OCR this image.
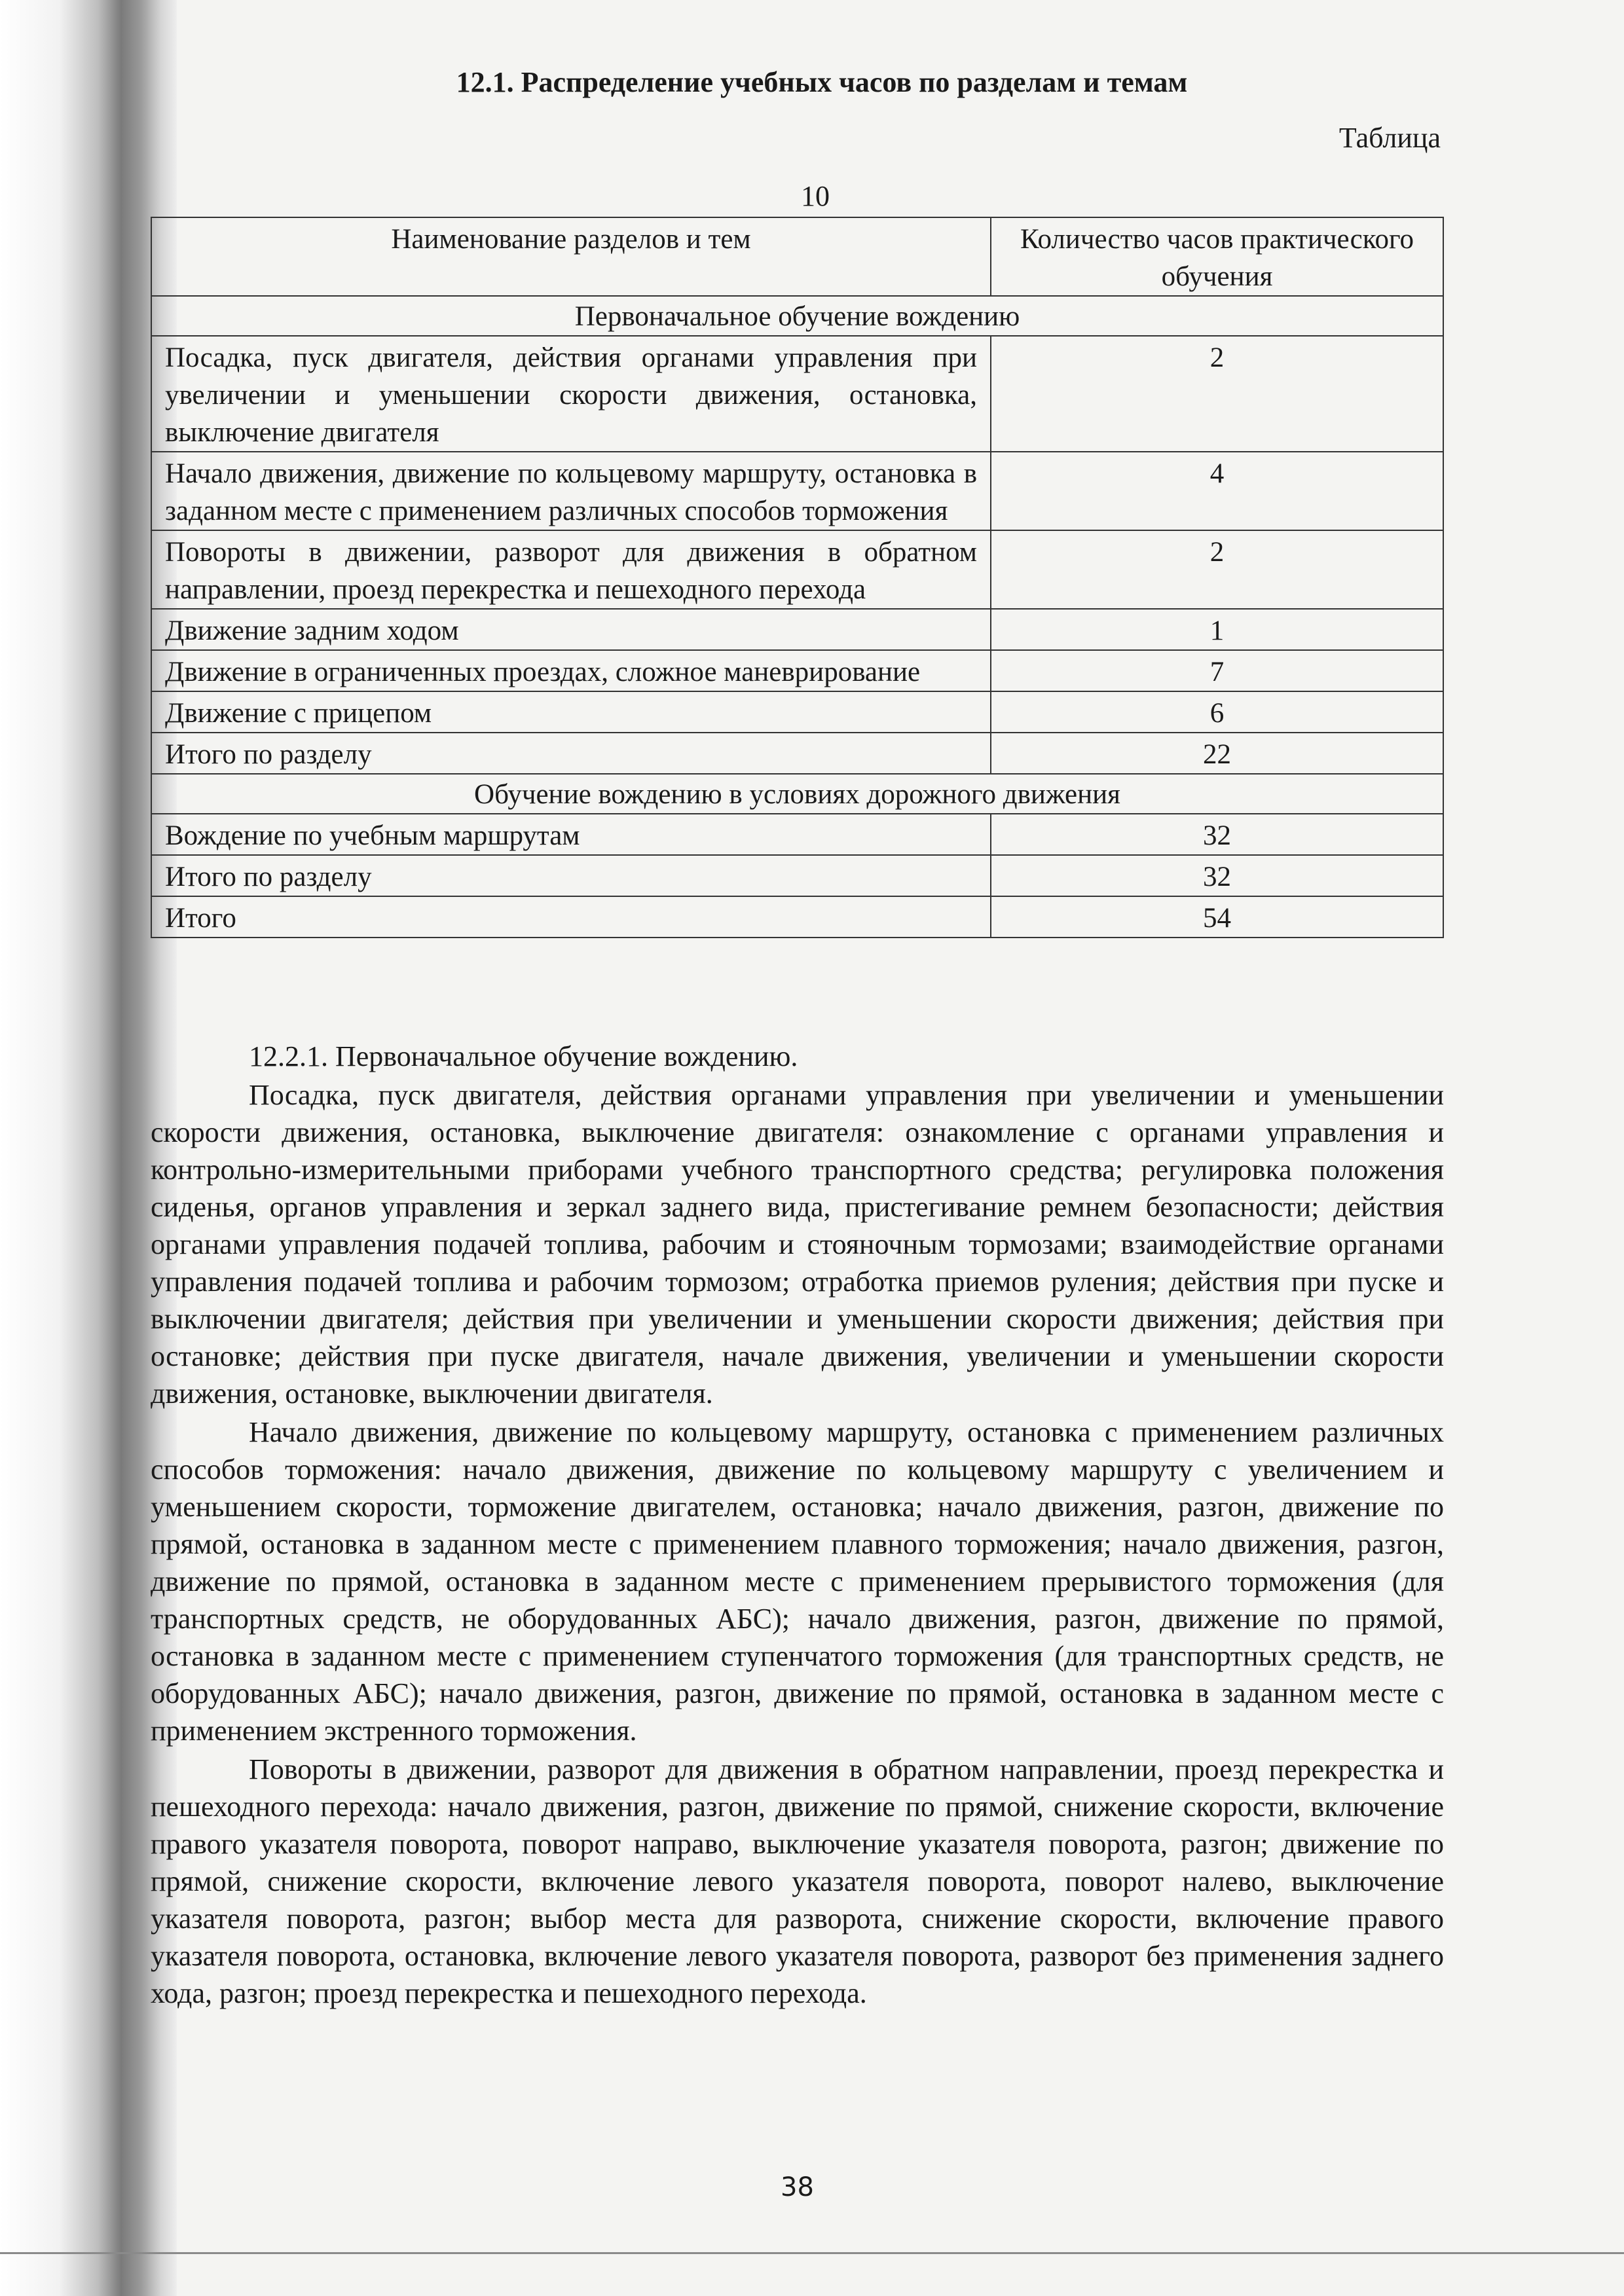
12.1. Распределение учебных часов по разделам и темам
Таблица
10
Наименование разделов и тем	Количество часов практического обучения
Первоначальное обучение вождению	
Посадка, пуск двигателя, действия органами управления при увеличении и уменьшении скорости движения, остановка, выключение двигателя	2
Начало движения, движение по кольцевому маршруту, остановка в заданном месте с применением различных способов торможения	4
Повороты в движении, разворот для движения в обратном направлении, проезд перекрестка и пешеходного перехода	2
Движение задним ходом	1
Движение в ограниченных проездах, сложное маневрирование	7
Движение с прицепом	6
Итого по разделу	22
Обучение вождению в условиях дорожного движения	
Вождение по учебным маршрутам	32
Итого по разделу	32
Итого	54

12.2.1. Первоначальное обучение вождению.

Посадка, пуск двигателя, действия органами управления при увеличении и уменьшении скорости движения, остановка, выключение двигателя: ознакомление с органами управления и контрольно-измерительными приборами учебного транспортного средства; регулировка положения сиденья, органов управления и зеркал заднего вида, пристегивание ремнем безопасности; действия органами управления подачей топлива, рабочим и стояночным тормозами; взаимодействие органами управления подачей топлива и рабочим тормозом; отработка приемов руления; действия при пуске и выключении двигателя; действия при увеличении и уменьшении скорости движения; действия при остановке; действия при пуске двигателя, начале движения, увеличении и уменьшении скорости движения, остановке, выключении двигателя.

Начало движения, движение по кольцевому маршруту, остановка с применением различных способов торможения: начало движения, движение по кольцевому маршруту с увеличением и уменьшением скорости, торможение двигателем, остановка; начало движения, разгон, движение по прямой, остановка в заданном месте с применением плавного торможения; начало движения, разгон, движение по прямой, остановка в заданном месте с применением прерывистого торможения (для транспортных средств, не оборудованных АБС); начало движения, разгон, движение по прямой, остановка в заданном месте с применением ступенчатого торможения (для транспортных средств, не оборудованных АБС); начало движения, разгон, движение по прямой, остановка в заданном месте с применением экстренного торможения.

Повороты в движении, разворот для движения в обратном направлении, проезд перекрестка и пешеходного перехода: начало движения, разгон, движение по прямой, снижение скорости, включение правого указателя поворота, поворот направо, выключение указателя поворота, разгон; движение по прямой, снижение скорости, включение левого указателя поворота, поворот налево, выключение указателя поворота, разгон; выбор места для разворота, снижение скорости, включение правого указателя поворота, остановка, включение левого указателя поворота, разворот без применения заднего хода, разгон; проезд перекрестка и пешеходного перехода.

38
